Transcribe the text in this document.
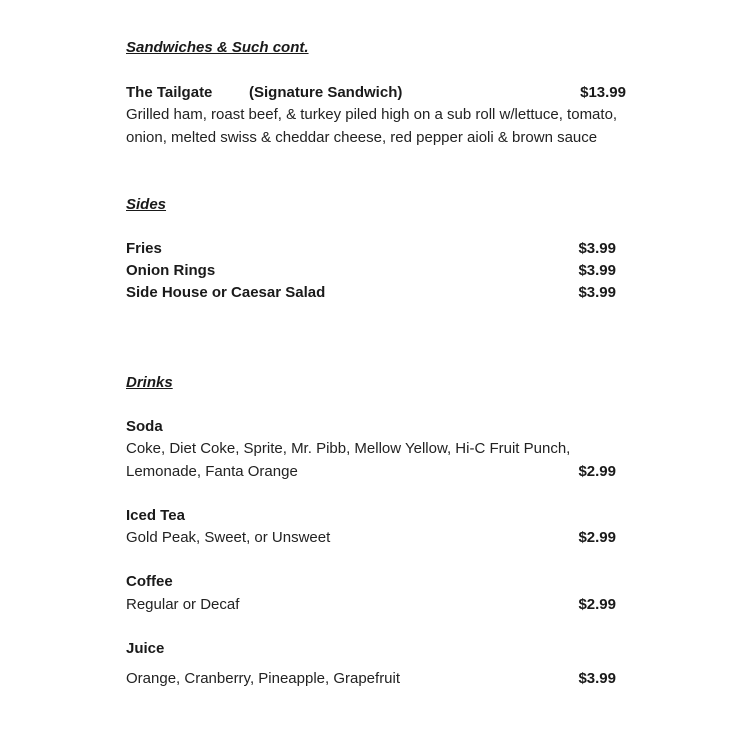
Sandwiches & Such cont.
The Tailgate (Signature Sandwich)	$13.99
Grilled ham, roast beef, & turkey piled high on a sub roll w/lettuce, tomato,
onion, melted swiss & cheddar cheese, red pepper aioli & brown sauce
Sides
Fries	$3.99
Onion Rings	$3.99
Side House or Caesar Salad	$3.99
Drinks
Soda
Coke, Diet Coke, Sprite, Mr. Pibb, Mellow Yellow, Hi-C Fruit Punch,
Lemonade, Fanta Orange	$2.99
Iced Tea
Gold Peak, Sweet, or Unsweet	$2.99
Coffee
Regular or Decaf	$2.99
Juice
Orange, Cranberry, Pineapple, Grapefruit	$3.99
